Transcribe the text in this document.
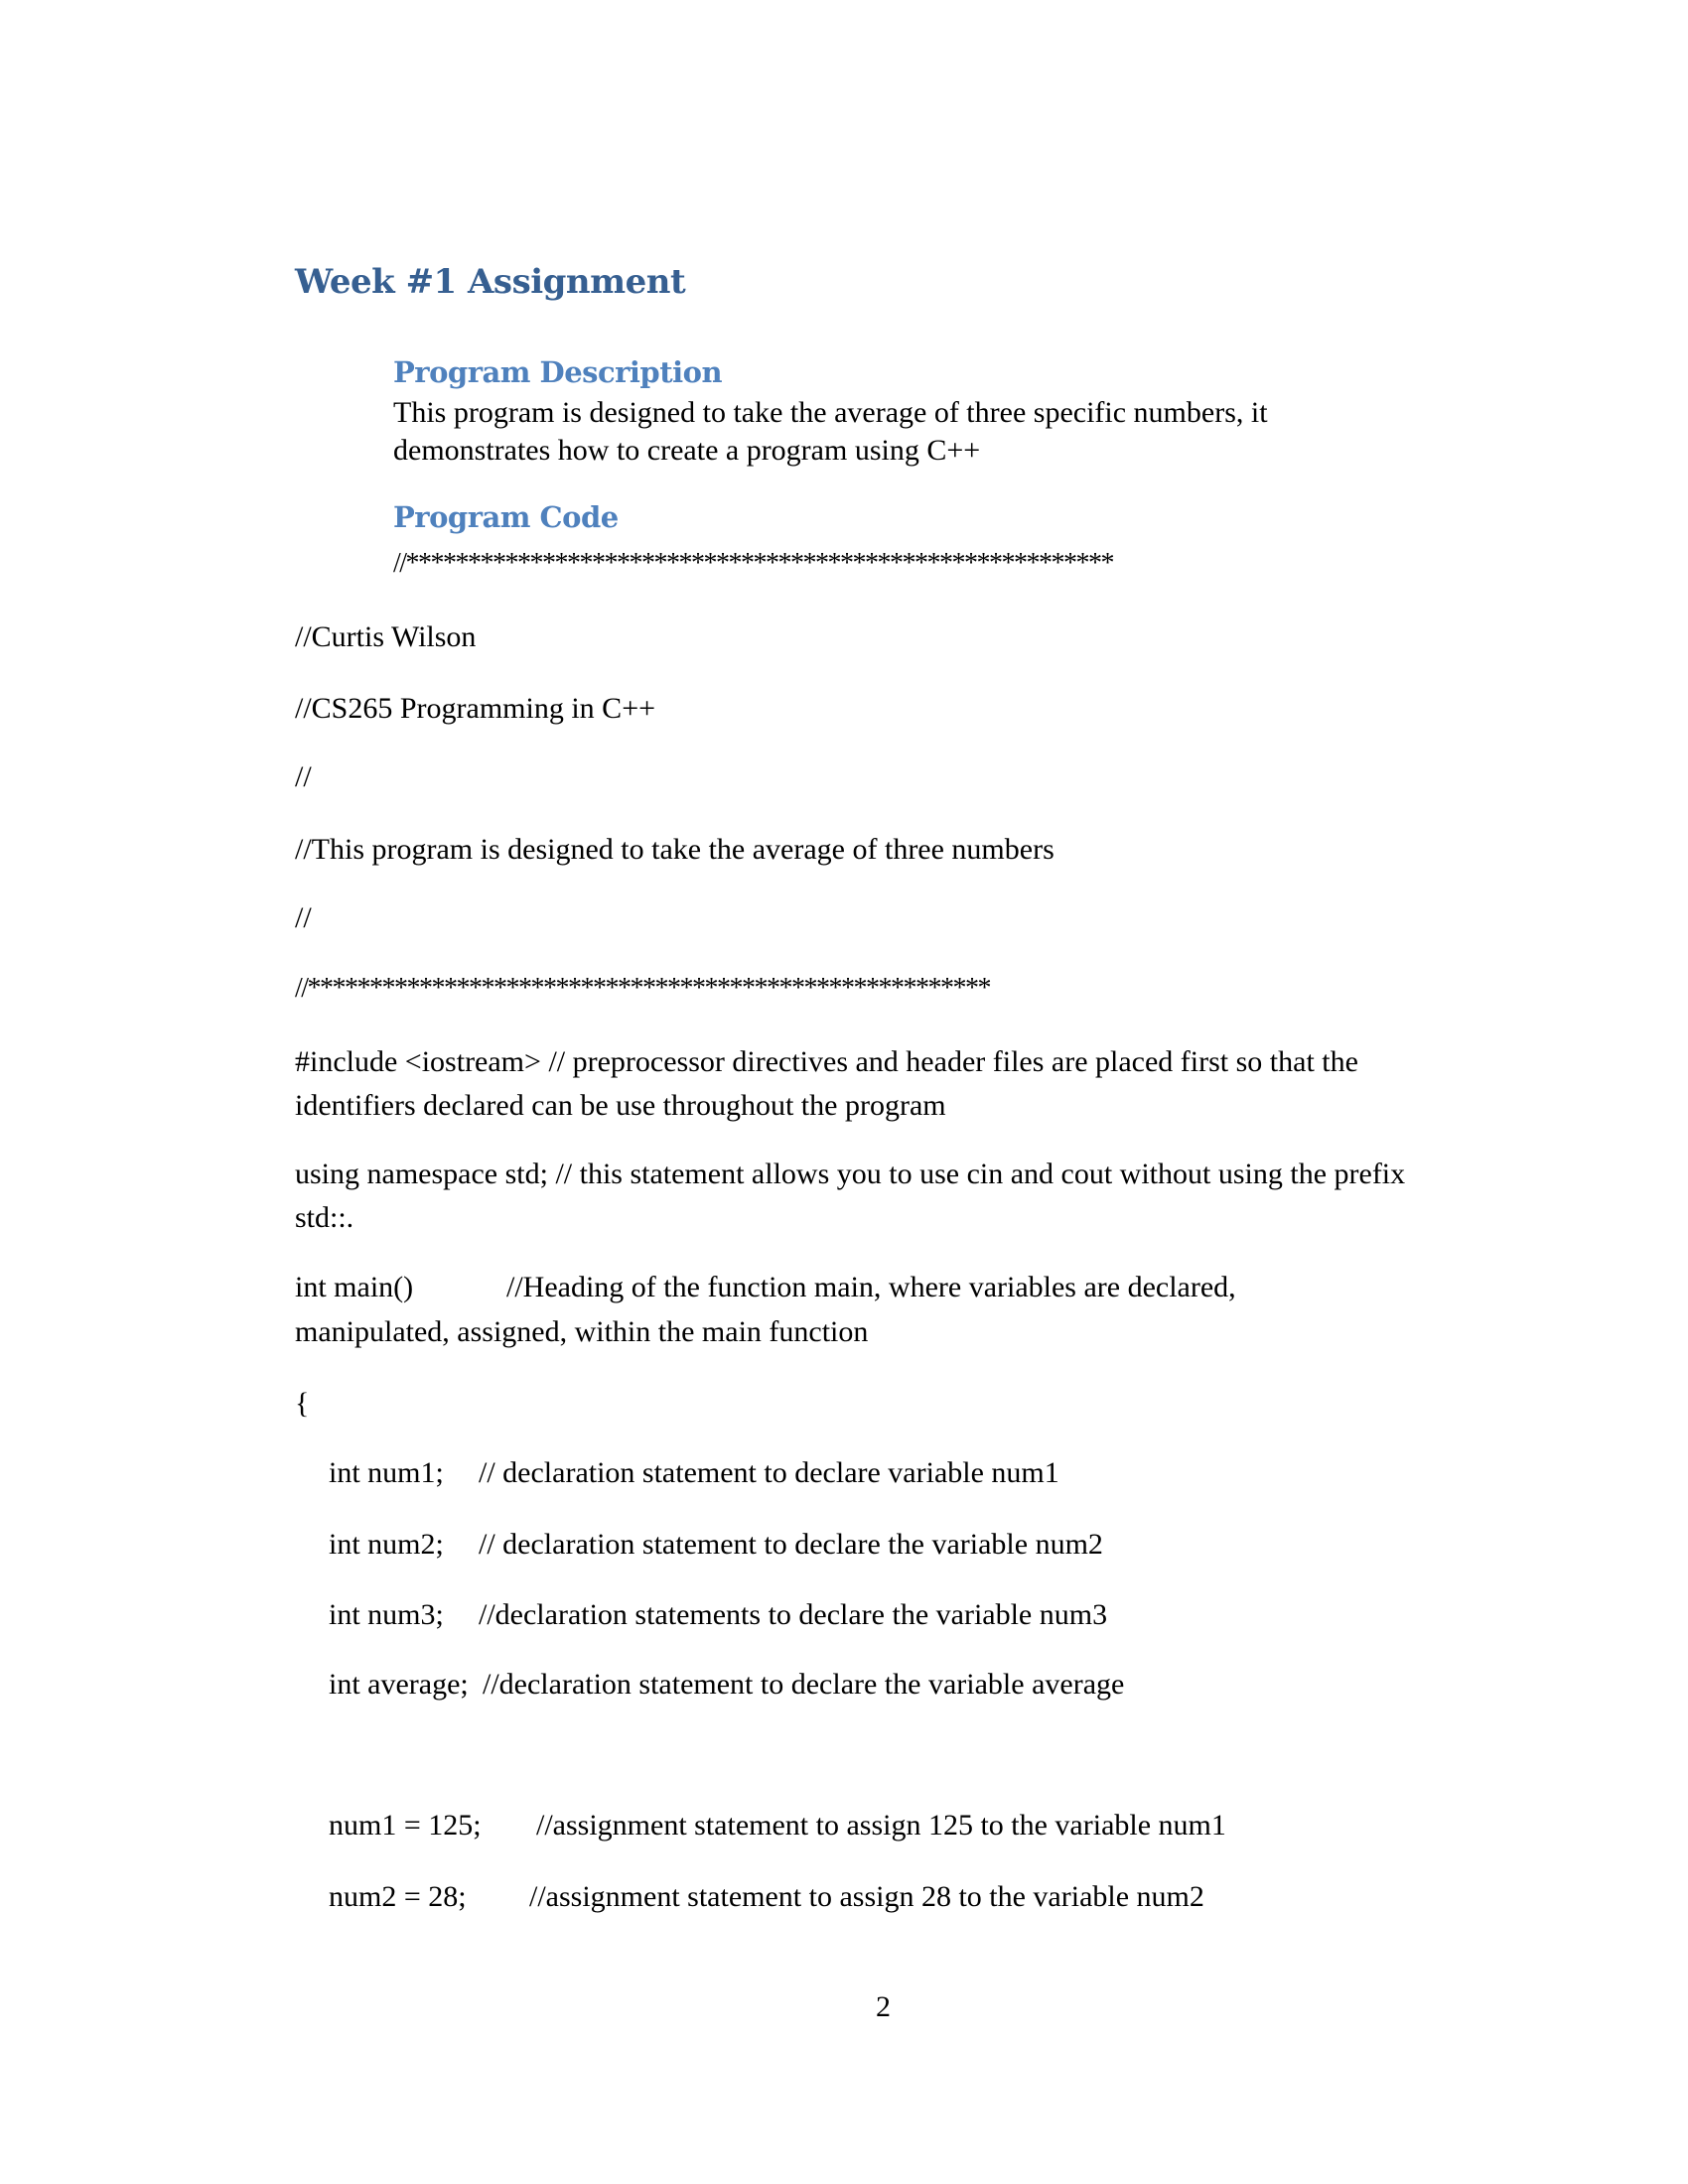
Week #1 Assignment
Program Description
This program is designed to take the average of three specific numbers, it demonstrates how to create a program using C++
Program Code
//*********************************************************
//Curtis Wilson
//CS265 Programming in C++
//
//This program is designed to take the average of three numbers
//
//*******************************************************
#include <iostream> // preprocessor directives and header files are placed first so that the identifiers declared can be use throughout the program
using namespace std; // this statement allows you to use cin and cout without using the prefix std::.
int main()	//Heading of the function main, where variables are declared,
manipulated, assigned, within the main function
{
int num1; // declaration statement to declare variable num1
int num2; // declaration statement to declare the variable num2
int num3; //declaration statements to declare the variable num3
int average; //declaration statement to declare the variable average
num1 = 125; //assignment statement to assign 125 to the variable num1
num2 = 28; //assignment statement to assign 28 to the variable num2
2
